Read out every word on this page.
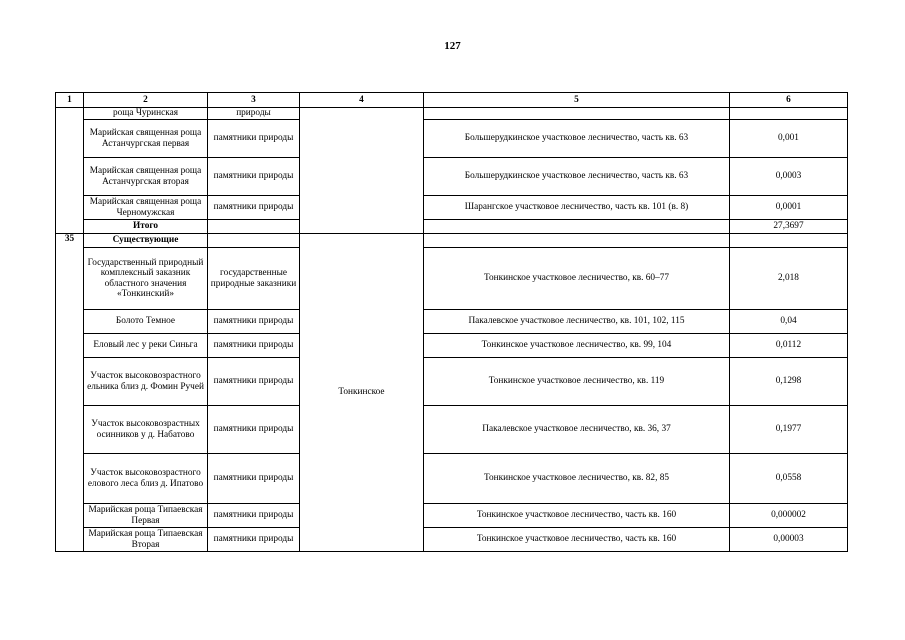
127
1	2	3	4	5	6
	роща Чуринская	природы			
	Марийская священная роща Астанчургская первая	памятники природы		Большерудкинское участковое лесничество, часть кв. 63	0,001
	Марийская священная роща Астанчургская вторая	памятники природы		Большерудкинское участковое лесничество, часть кв. 63	0,0003
	Марийская священная роща Черномужская	памятники природы		Шарангское участковое лесничество, часть кв. 101 (в. 8)	0,0001
	Итого				27,3697
35	Существующие		Тонкинское		
	Государственный природный комплексный заказник областного значения «Тонкинский»	государственные природные заказники		Тонкинское участковое лесничество, кв. 60–77	2,018
	Болото Темное	памятники природы		Пакалевское участковое лесничество, кв. 101, 102, 115	0,04
	Еловый лес у реки Синьга	памятники природы		Тонкинское участковое лесничество, кв. 99, 104	0,0112
	Участок высоковозрастного ельника близ д. Фомин Ручей	памятники природы		Тонкинское участковое лесничество, кв. 119	0,1298
	Участок высоковозрастных осинников у д. Набатово	памятники природы		Пакалевское участковое лесничество, кв. 36, 37	0,1977
	Участок высоковозрастного елового леса близ д. Ипатово	памятники природы		Тонкинское участковое лесничество, кв. 82, 85	0,0558
	Марийская роща Типаевская Первая	памятники природы		Тонкинское участковое лесничество, часть кв. 160	0,000002
	Марийская роща Типаевская Вторая	памятники природы		Тонкинское участковое лесничество, часть кв. 160	0,00003
